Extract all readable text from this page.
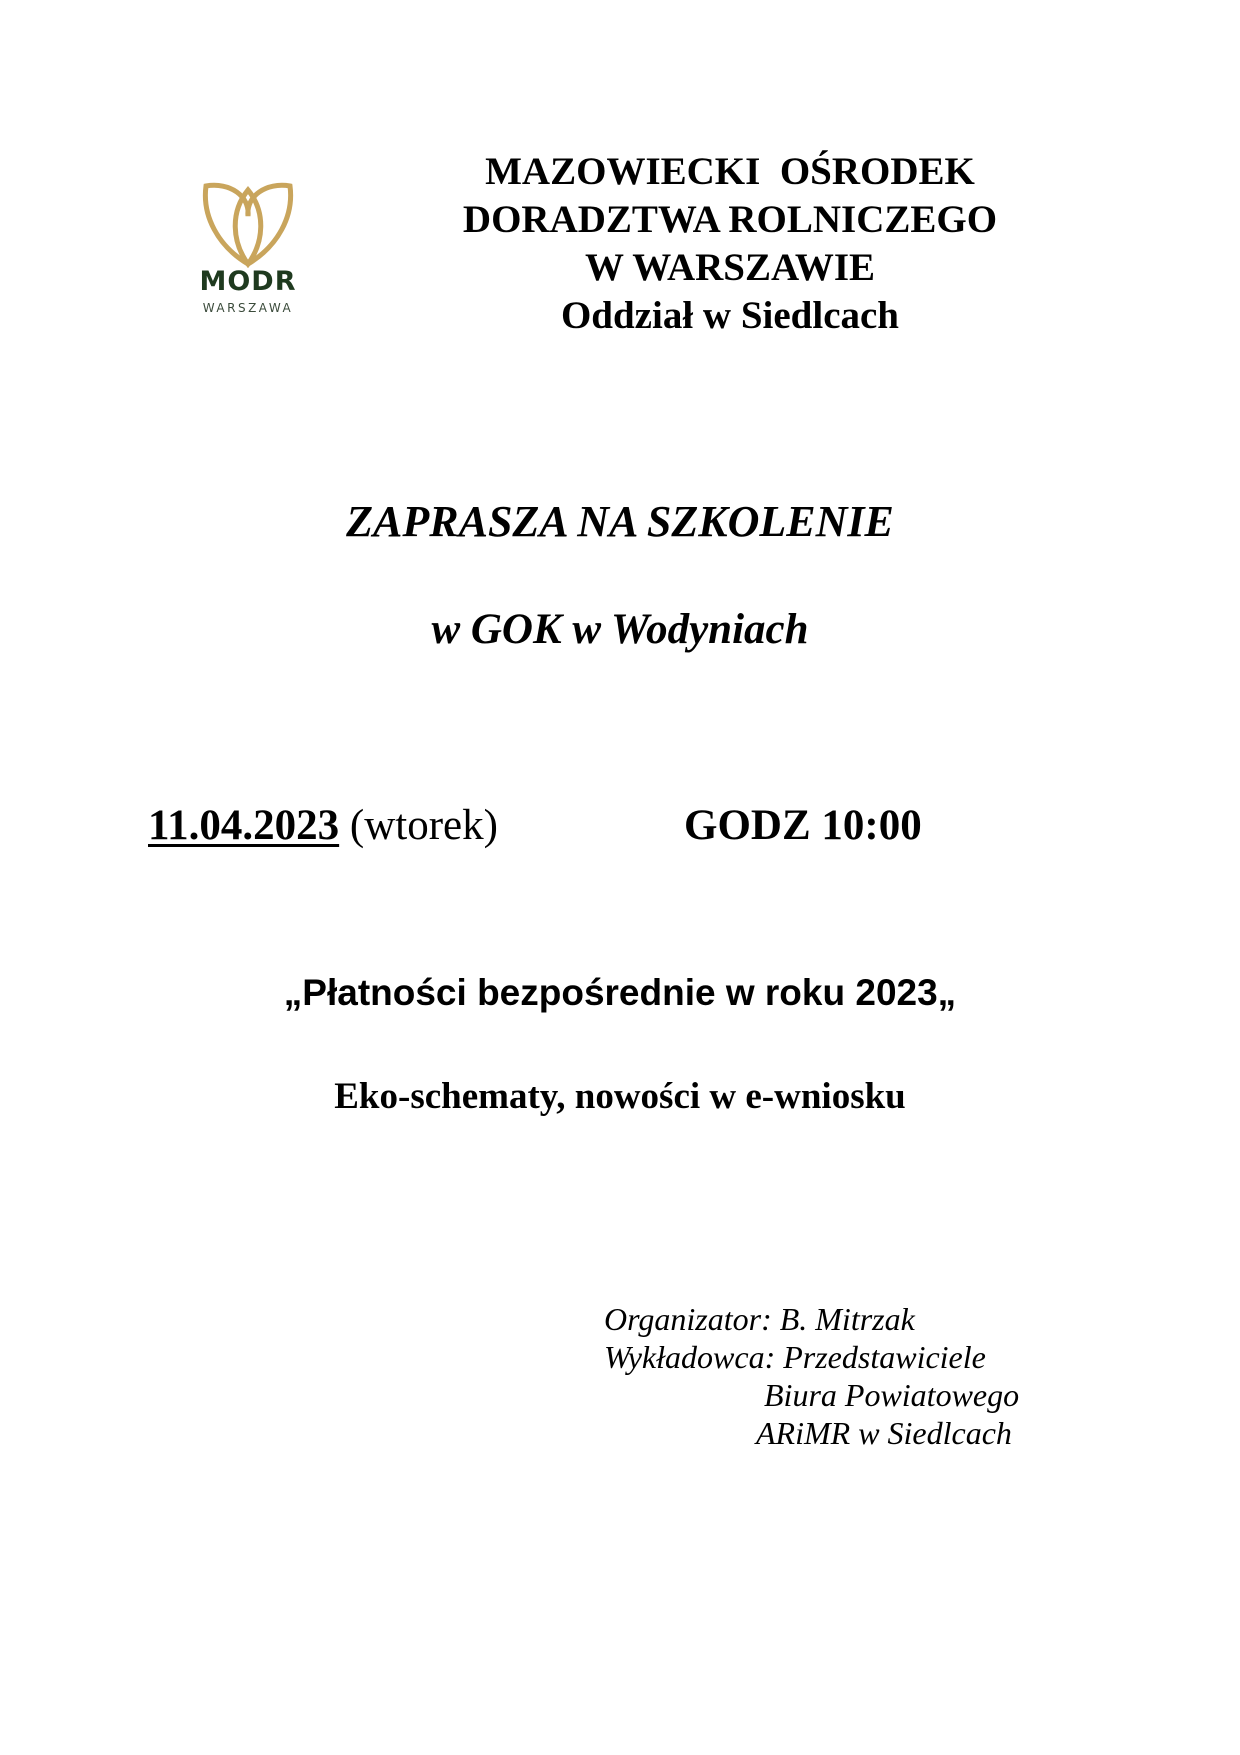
MODR
WARSZAWA
MAZOWIECKI  OŚRODEK
DORADZTWA ROLNICZEGO
W WARSZAWIE
Oddział w Siedlcach
ZAPRASZA NA SZKOLENIE
w GOK w Wodyniach
11.04.2023 (wtorek)	GODZ 10:00
„Płatności bezpośrednie w roku 2023„
Eko-schematy, nowości w e-wniosku
Organizator: B. Mitrzak
Wykładowca: Przedstawiciele
Biura Powiatowego
ARiMR w Siedlcach
